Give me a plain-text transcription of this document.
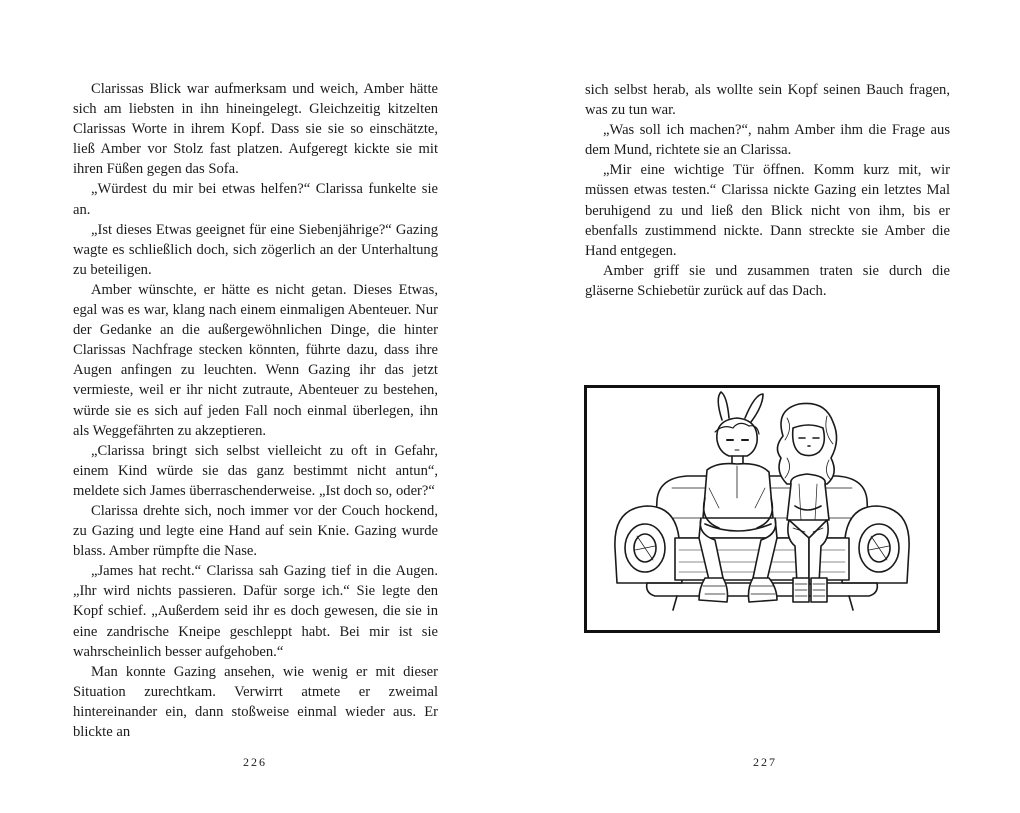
Clarissas Blick war aufmerksam und weich, Amber hätte sich am liebsten in ihn hineingelegt. Gleichzeitig kitzelten Clarissas Worte in ihrem Kopf. Dass sie sie so einschätzte, ließ Amber vor Stolz fast platzen. Aufgeregt kickte sie mit ihren Füßen gegen das Sofa.

„Würdest du mir bei etwas helfen?“ Clarissa funkelte sie an.

„Ist dieses Etwas geeignet für eine Siebenjährige?“ Gazing wagte es schließlich doch, sich zögerlich an der Unterhaltung zu beteiligen.

Amber wünschte, er hätte es nicht getan. Dieses Etwas, egal was es war, klang nach einem einmaligen Abenteuer. Nur der Gedanke an die außergewöhnlichen Dinge, die hinter Clarissas Nachfrage stecken könnten, führte dazu, dass ihre Augen anfingen zu leuchten. Wenn Gazing ihr das jetzt vermieste, weil er ihr nicht zutraute, Abenteuer zu bestehen, würde sie es sich auf jeden Fall noch einmal überlegen, ihn als Weggefährten zu akzeptieren.

„Clarissa bringt sich selbst vielleicht zu oft in Gefahr, einem Kind würde sie das ganz bestimmt nicht antun“, meldete sich James überraschenderweise. „Ist doch so, oder?“

Clarissa drehte sich, noch immer vor der Couch hockend, zu Gazing und legte eine Hand auf sein Knie. Gazing wurde blass. Amber rümpfte die Nase.

„James hat recht.“ Clarissa sah Gazing tief in die Augen. „Ihr wird nichts passieren. Dafür sorge ich.“ Sie legte den Kopf schief. „Außerdem seid ihr es doch gewesen, die sie in eine zandrische Kneipe geschleppt habt. Bei mir ist sie wahrscheinlich besser aufgehoben.“

Man konnte Gazing ansehen, wie wenig er mit dieser Situation zurechtkam. Verwirrt atmete er zweimal hintereinander ein, dann stoßweise einmal wieder aus. Er blickte an

226

sich selbst herab, als wollte sein Kopf seinen Bauch fragen, was zu tun war.

„Was soll ich machen?“, nahm Amber ihm die Frage aus dem Mund, richtete sie an Clarissa.

„Mir eine wichtige Tür öffnen. Komm kurz mit, wir müssen etwas testen.“ Clarissa nickte Gazing ein letztes Mal beruhigend zu und ließ den Blick nicht von ihm, bis er ebenfalls zustimmend nickte. Dann streckte sie Amber die Hand entgegen.

Amber griff sie und zusammen traten sie durch die gläserne Schiebetür zurück auf das Dach.

227
